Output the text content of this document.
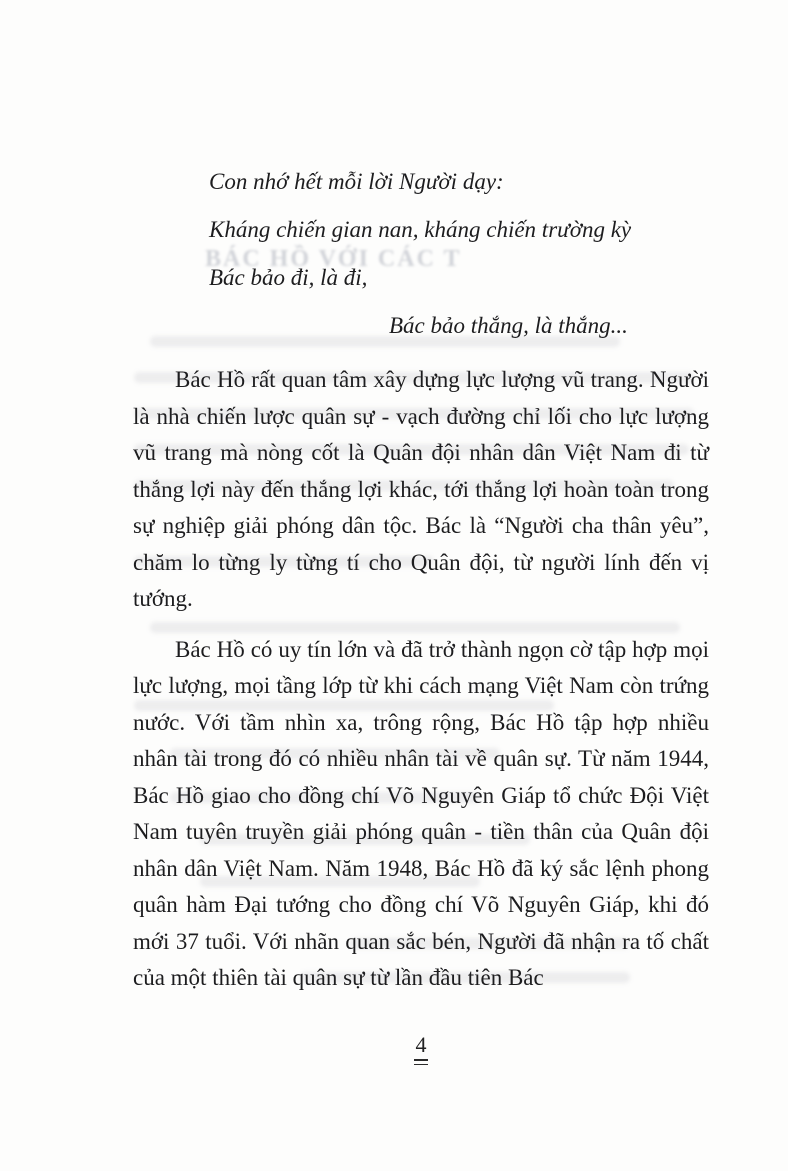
BÁC HỒ VỚI CÁC T
Con nhớ hết mỗi lời Người dạy:
Kháng chiến gian nan, kháng chiến trường kỳ
Bác bảo đi, là đi,
Bác bảo thắng, là thắng...

Bác Hồ rất quan tâm xây dựng lực lượng vũ trang. Người là nhà chiến lược quân sự - vạch đường chỉ lối cho lực lượng vũ trang mà nòng cốt là Quân đội nhân dân Việt Nam đi từ thắng lợi này đến thắng lợi khác, tới thắng lợi hoàn toàn trong sự nghiệp giải phóng dân tộc. Bác là “Người cha thân yêu”, chăm lo từng ly từng tí cho Quân đội, từ người lính đến vị tướng.

Bác Hồ có uy tín lớn và đã trở thành ngọn cờ tập hợp mọi lực lượng, mọi tầng lớp từ khi cách mạng Việt Nam còn trứng nước. Với tầm nhìn xa, trông rộng, Bác Hồ tập hợp nhiều nhân tài trong đó có nhiều nhân tài về quân sự. Từ năm 1944, Bác Hồ giao cho đồng chí Võ Nguyên Giáp tổ chức Đội Việt Nam tuyên truyền giải phóng quân - tiền thân của Quân đội nhân dân Việt Nam. Năm 1948, Bác Hồ đã ký sắc lệnh phong quân hàm Đại tướng cho đồng chí Võ Nguyên Giáp, khi đó mới 37 tuổi. Với nhãn quan sắc bén, Người đã nhận ra tố chất của một thiên tài quân sự từ lần đầu tiên Bác

4
